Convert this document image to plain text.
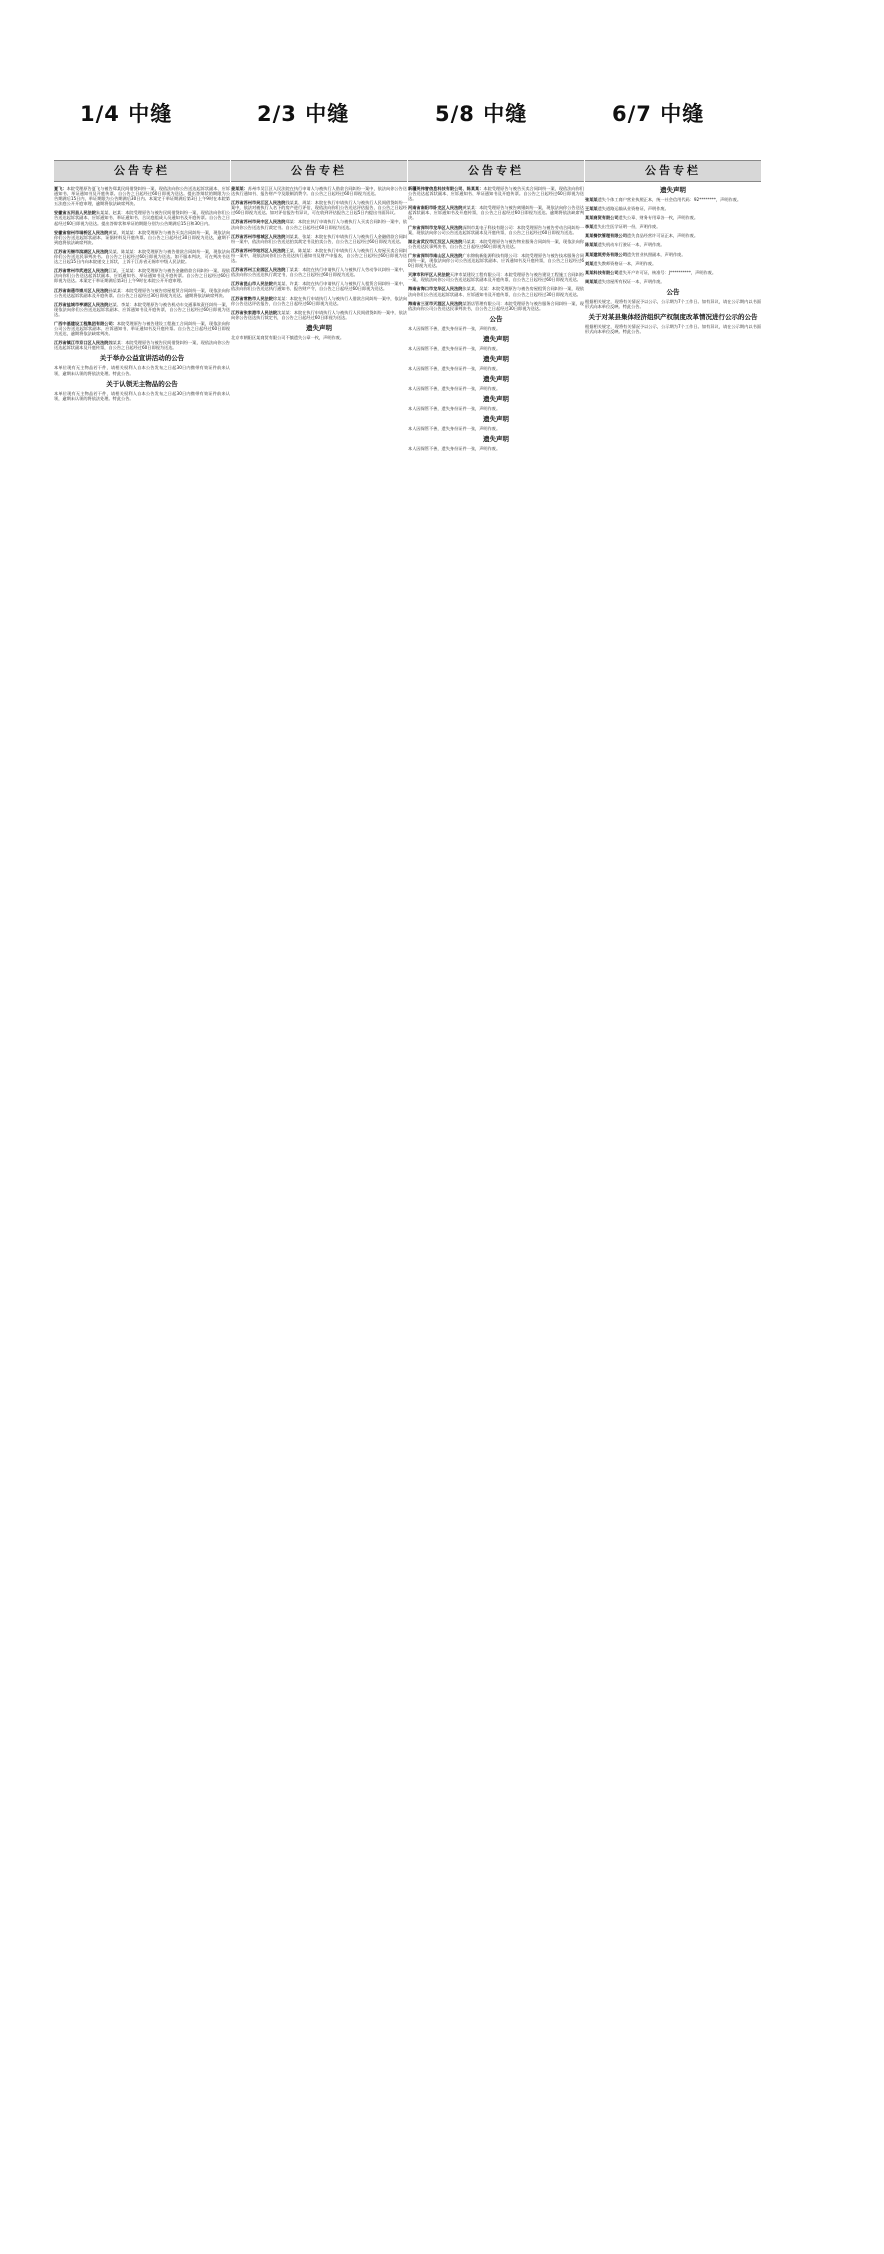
1/4 中缝	2/3 中缝	5/8 中缝	6/7 中缝
公告专栏
夏飞：本院受理原告夏飞与被告郑某民间借贷纠纷一案，现依法向你公告送达起诉状副本、应诉通知书、举证通知书及开庭传票。自公告之日起经过60日即视为送达。提出答辩状的期限为公告期满后15日内，举证期限为公告期满后30日内。本案定于举证期满后第3日上午9时在本院第五法庭公开开庭审理，逾期将依法缺席判决。
安徽省五河县人民法院朱某某、赵某：本院受理原告与被告民间借贷纠纷一案，现依法向你们公告送达起诉状副本、应诉通知书、举证通知书、合议庭组成人员通知书及开庭传票。自公告之日起经过60日即视为送达。提出答辩状和举证的期限分别为公告期满后15日和30日内。
安徽省宿州市埇桥区人民法院黄某、刘某某：本院受理原告与被告买卖合同纠纷一案，现依法向你们公告送达起诉状副本、证据材料及开庭传票。自公告之日起经过30日即视为送达，逾期不到庭将依法缺席判决。
江苏省无锡市滨湖区人民法院吴某、陈某某：本院受理原告与被告借款合同纠纷一案，现依法向你们公告送达民事判决书。自公告之日起经过60日即视为送达。如不服本判决，可在判决书送达之日起15日内向本院递交上诉状，上诉于江苏省无锡市中级人民法院。
江苏省常州市武进区人民法院江某、王某某：本院受理原告与被告金融借款合同纠纷一案，现依法向你们公告送达起诉状副本、应诉通知书、举证通知书及开庭传票。自公告之日起经过60日即视为送达。本案定于举证期满后第3日上午9时在本院公开开庭审理。
江苏省南通市崇川区人民法院孙某某：本院受理原告与被告房屋租赁合同纠纷一案，现依法向你公告送达起诉状副本及开庭传票。自公告之日起经过30日即视为送达。逾期将依法缺席判决。
江苏省盐城市亭湖区人民法院赵某、李某：本院受理原告与被告机动车交通事故责任纠纷一案，现依法向你们公告送达起诉状副本、应诉通知书及开庭传票，自公告之日起经过60日即视为送达。
广西中基建设工程集团有限公司：本院受理原告与被告建设工程施工合同纠纷一案，现依法向你公司公告送达起诉状副本、应诉通知书、举证通知书及开庭传票。自公告之日起经过60日即视为送达，逾期将依法缺席判决。
江苏省镇江市京口区人民法院魏某某：本院受理原告与被告民间借贷纠纷一案，现依法向你公告送达起诉状副本及开庭传票，自公告之日起经过60日即视为送达。
关于举办公益宣讲活动的公告
本单位现有无主物品若干件，请相关权利人自本公告发布之日起30日内携带有效证件前来认领，逾期未认领的将依法处理。特此公告。
关于认领无主物品的公告
本单位现有无主物品若干件，请相关权利人自本公告发布之日起30日内携带有效证件前来认领，逾期未认领的将依法处理。特此公告。
公告专栏
姜某某：苏州市吴江区人民法院在执行申请人与被执行人借款合同纠纷一案中，依法向你公告送达执行通知书、报告财产令及限制消费令。自公告之日起经过60日即视为送达。
江苏省苏州市吴江区人民法院钱某某、周某：本院在执行申请执行人与被执行人民间借贷纠纷一案中，依法对被执行人名下的房产进行评估，现依法向你们公告送达评估报告，自公告之日起经过60日即视为送达。如对评估报告有异议，可在收到评估报告之日起5日内提出书面异议。
江苏省苏州市吴中区人民法院郑某：本院在执行申请执行人与被执行人买卖合同纠纷一案中，依法向你公告送达执行裁定书。自公告之日起经过60日即视为送达。
江苏省苏州市相城区人民法院刘某某、张某：本院在执行申请执行人与被执行人金融借款合同纠纷一案中，依法向你们公告送达拍卖裁定书及拍卖公告，自公告之日起经过60日即视为送达。
江苏省苏州市姑苏区人民法院王某、陈某某：本院在执行申请执行人与被执行人房屋买卖合同纠纷一案中，现依法向你们公告送达执行通知书及财产申报表，自公告之日起经过60日即视为送达。
江苏省苏州工业园区人民法院丁某某：本院在执行申请执行人与被执行人劳动争议纠纷一案中，依法向你公告送达执行裁定书，自公告之日起经过60日即视为送达。
江苏省昆山市人民法院黄某某、许某：本院在执行申请执行人与被执行人租赁合同纠纷一案中，依法向你们公告送达执行通知书、报告财产令，自公告之日起经过60日即视为送达。
江苏省常熟市人民法院徐某某：本院在执行申请执行人与被执行人借款合同纠纷一案中，依法向你公告送达评估报告，自公告之日起经过60日即视为送达。
江苏省张家港市人民法院沈某某：本院在执行申请执行人与被执行人民间借贷纠纷一案中，依法向你公告送达执行裁定书，自公告之日起经过60日即视为送达。
遗失声明
北京市朝阳区某商贸有限公司不慎遗失公章一枚，声明作废。
公告专栏
新疆英伟誉信息科技有限公司、陈某某：本院受理原告与被告买卖合同纠纷一案，现依法向你们公告送达起诉状副本、应诉通知书、举证通知书及开庭传票。自公告之日起经过60日即视为送达。
河南省南阳市卧龙区人民法院黄某某：本院受理原告与被告离婚纠纷一案，现依法向你公告送达起诉状副本、应诉通知书及开庭传票，自公告之日起经过60日即视为送达。逾期将依法缺席判决。
广东省深圳市龙华区人民法院深圳市某电子科技有限公司：本院受理原告与被告劳动合同纠纷一案，现依法向你公司公告送达起诉状副本及开庭传票，自公告之日起经过60日即视为送达。
湖北省武汉市江汉区人民法院马某某：本院受理原告与被告物业服务合同纠纷一案，现依法向你公告送达民事判决书，自公告之日起经过60日即视为送达。
广东省深圳市南山区人民法院广东锦航新能源科技有限公司：本院受理原告与被告技术服务合同纠纷一案，现依法向你公司公告送达起诉状副本、应诉通知书及开庭传票，自公告之日起经过60日即视为送达。
天津市和平区人民法院天津市某建设工程有限公司：本院受理原告与被告建设工程施工合同纠纷一案，现依法向你公司公告送达起诉状副本及开庭传票，自公告之日起经过60日即视为送达。
海南省海口市龙华区人民法院张某某、吴某：本院受理原告与被告房屋租赁合同纠纷一案，现依法向你们公告送达起诉状副本、应诉通知书及开庭传票，自公告之日起经过30日即视为送达。
海南省三亚市天涯区人民法院某酒店管理有限公司：本院受理原告与被告服务合同纠纷一案，现依法向你公司公告送达民事判决书，自公告之日起经过30日即视为送达。
公告
本人因保管不善，遗失身份证件一张，声明作废。
遗失声明
本人因保管不善，遗失身份证件一张，声明作废。
遗失声明
本人因保管不善，遗失身份证件一张，声明作废。
遗失声明
本人因保管不善，遗失身份证件一张，声明作废。
遗失声明
本人因保管不善，遗失身份证件一张，声明作废。
遗失声明
本人因保管不善，遗失身份证件一张，声明作废。
遗失声明
本人因保管不善，遗失身份证件一张，声明作废。
公告专栏
遗失声明
张某某遗失个体工商户营业执照正本，统一社会信用代码：92********，声明作废。
王某某遗失道路运输从业资格证，声明作废。
某某商贸有限公司遗失公章、财务专用章各一枚，声明作废。
李某遗失出生医学证明一份，声明作废。
某某餐饮管理有限公司遗失食品经营许可证正本，声明作废。
陈某某遗失机动车行驶证一本，声明作废。
某某建筑劳务有限公司遗失营业执照副本，声明作废。
刘某遗失教师资格证一本，声明作废。
某某科技有限公司遗失开户许可证，核准号：J**********，声明作废。
周某某遗失房屋所有权证一本，声明作废。
公告
根据相关规定，现将有关情况予以公示，公示期为7个工作日。如有异议，请在公示期内以书面形式向本单位反映。特此公告。
关于对某县集体经济组织产权制度改革情况进行公示的公告
根据相关规定，现将有关情况予以公示，公示期为7个工作日。如有异议，请在公示期内以书面形式向本单位反映。特此公告。
